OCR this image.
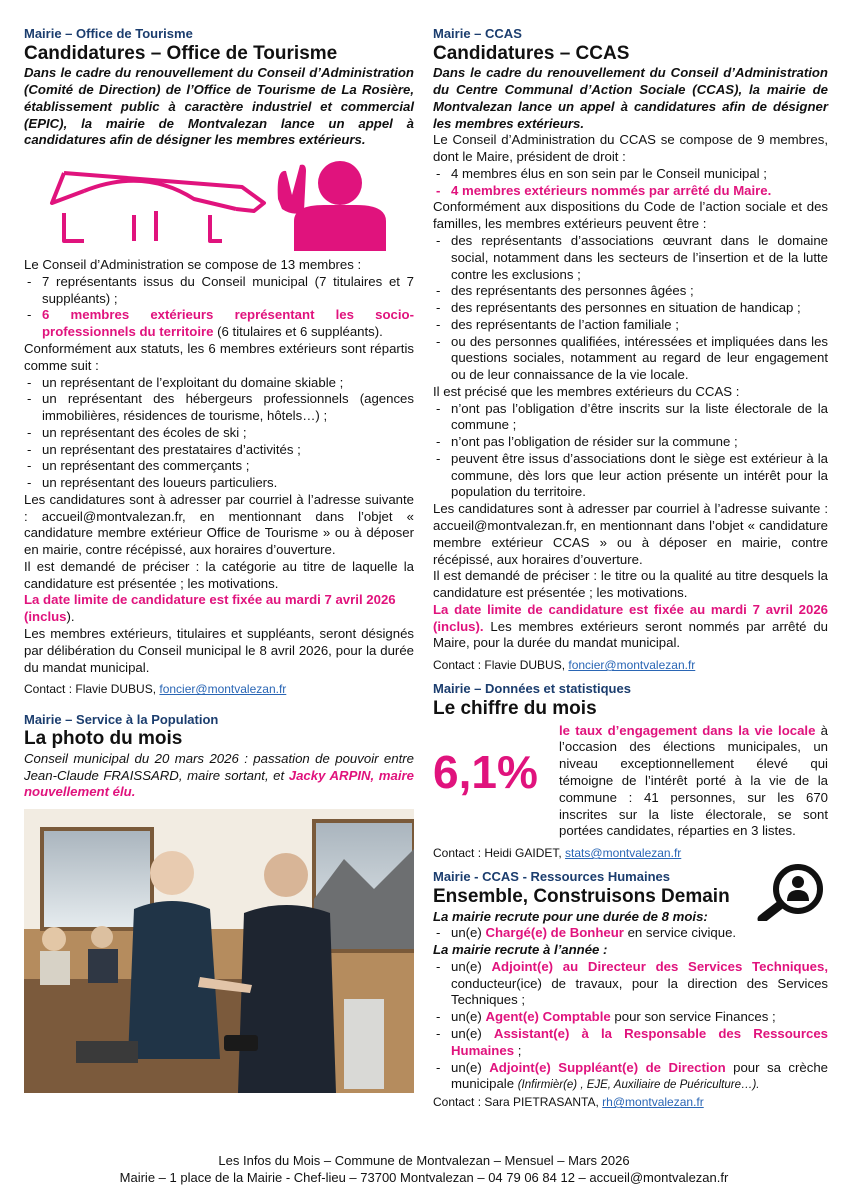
Mairie – Office de Tourisme
Candidatures – Office de Tourisme

Dans le cadre du renouvellement du Conseil d’Administration (Comité de Direction) de l’Office de Tourisme de La Rosière, établissement public à caractère industriel et commercial (EPIC), la mairie de Montvalezan lance un appel à candidatures afin de désigner les membres extérieurs.

Le Conseil d’Administration se compose de 13 membres :

- 7 représentants issus du Conseil municipal (7 titulaires et 7 suppléants) ;
- 6 membres extérieurs représentant les socio-professionnels du territoire (6 titulaires et 6 suppléants).

Conformément aux statuts, les 6 membres extérieurs sont répartis comme suit :

- un représentant de l’exploitant du domaine skiable ;
- un représentant des hébergeurs professionnels (agences immobilières, résidences de tourisme, hôtels…) ;
- un représentant des écoles de ski ;
- un représentant des prestataires d’activités ;
- un représentant des commerçants ;
- un représentant des loueurs particuliers.

Les candidatures sont à adresser par courriel à l’adresse suivante : accueil@montvalezan.fr, en mentionnant dans l’objet « candidature membre extérieur Office de Tourisme » ou à déposer en mairie, contre récépissé, aux horaires d’ouverture.

Il est demandé de préciser : la catégorie au titre de laquelle la candidature est présentée ; les motivations.

La date limite de candidature est fixée au mardi 7 avril 2026 (inclus).

Les membres extérieurs, titulaires et suppléants, seront désignés par délibération du Conseil municipal le 8 avril 2026, pour la durée du mandat municipal.

Contact : Flavie DUBUS, foncier@montvalezan.fr
Mairie – Service à la Population
La photo du mois

Conseil municipal du 20 mars 2026 : passation de pouvoir entre Jean-Claude FRAISSARD, maire sortant, et Jacky ARPIN, maire nouvellement élu.

Mairie – CCAS
Candidatures – CCAS

Dans le cadre du renouvellement du Conseil d’Administration du Centre Communal d’Action Sociale (CCAS), la mairie de Montvalezan lance un appel à candidatures afin de désigner les membres extérieurs.

Le Conseil d’Administration du CCAS se compose de 9 membres, dont le Maire, président de droit :

- 4 membres élus en son sein par le Conseil municipal ;
- 4 membres extérieurs nommés par arrêté du Maire.

Conformément aux dispositions du Code de l’action sociale et des familles, les membres extérieurs peuvent être :

- des représentants d’associations œuvrant dans le domaine social, notamment dans les secteurs de l’insertion et de la lutte contre les exclusions ;
- des représentants des personnes âgées ;
- des représentants des personnes en situation de handicap ;
- des représentants de l’action familiale ;
- ou des personnes qualifiées, intéressées et impliquées dans les questions sociales, notamment au regard de leur engagement ou de leur connaissance de la vie locale.

Il est précisé que les membres extérieurs du CCAS :

- n’ont pas l’obligation d’être inscrits sur la liste électorale de la commune ;
- n’ont pas l’obligation de résider sur la commune ;
- peuvent être issus d’associations dont le siège est extérieur à la commune, dès lors que leur action présente un intérêt pour la population du territoire.

Les candidatures sont à adresser par courriel à l’adresse suivante : accueil@montvalezan.fr, en mentionnant dans l’objet « candidature membre extérieur CCAS » ou à déposer en mairie, contre récépissé, aux horaires d’ouverture.

Il est demandé de préciser : le titre ou la qualité au titre desquels la candidature est présentée ; les motivations.

La date limite de candidature est fixée au mardi 7 avril 2026 (inclus). Les membres extérieurs seront nommés par arrêté du Maire, pour la durée du mandat municipal.

Contact : Flavie DUBUS, foncier@montvalezan.fr
Mairie – Données et statistiques
Le chiffre du mois
6,1%

le taux d’engagement dans la vie locale à l’occasion des élections municipales, un niveau exceptionnellement élevé qui témoigne de l’intérêt porté à la vie de la commune : 41 personnes, sur les 670 inscrites sur la liste électorale, se sont portées candidates, réparties en 3 listes.

Contact : Heidi GAIDET, stats@montvalezan.fr
Mairie - CCAS - Ressources Humaines
Ensemble, Construisons Demain
La mairie recrute pour une durée de 8 mois:
- un(e) Chargé(e) de Bonheur en service civique.
La mairie recrute à l’année :
- un(e) Adjoint(e) au Directeur des Services Techniques, conducteur(ice) de travaux, pour la direction des Services Techniques ;
- un(e) Agent(e) Comptable pour son service Finances ;
- un(e) Assistant(e) à la Responsable des Ressources Humaines ;
- un(e) Adjoint(e) Suppléant(e) de Direction pour sa crèche municipale (Infirmièr(e) , EJE, Auxiliaire de Puériculture…).
Contact : Sara PIETRASANTA, rh@montvalezan.fr
Les Infos du Mois – Commune de Montvalezan – Mensuel – Mars 2026
Mairie – 1 place de la Mairie - Chef-lieu – 73700 Montvalezan – 04 79 06 84 12 – accueil@montvalezan.fr
